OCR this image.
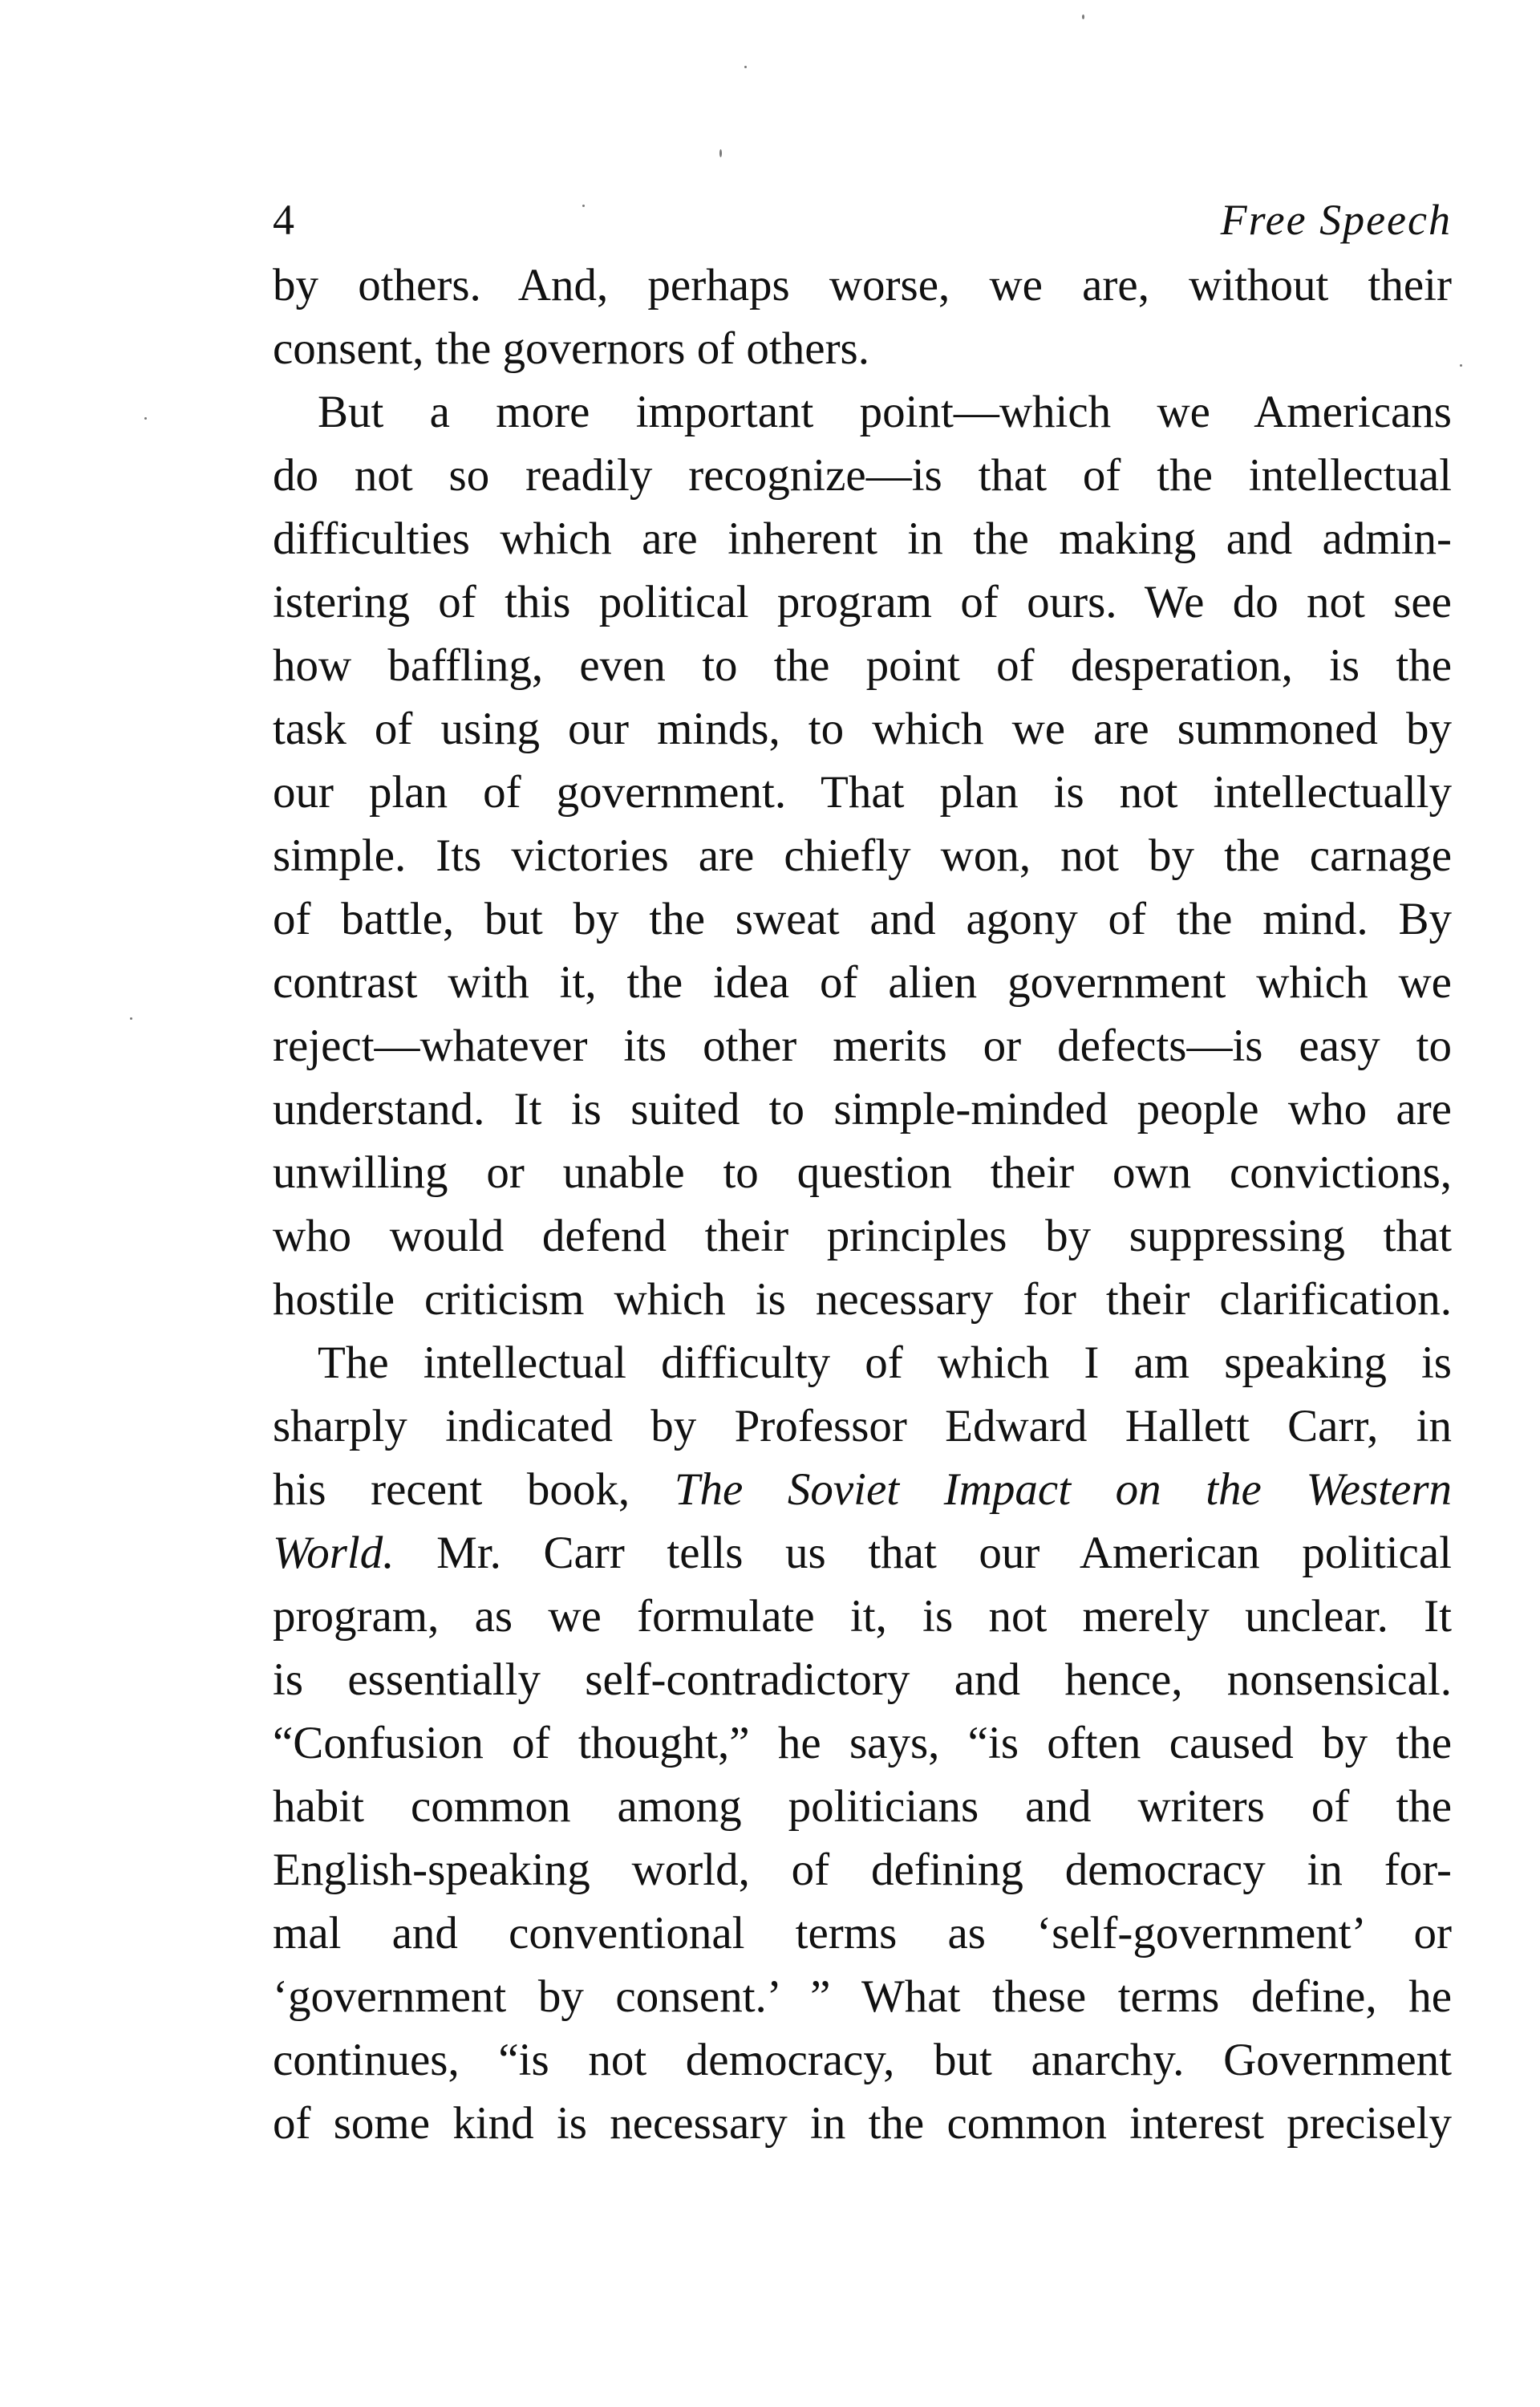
4	Free Speech
by others. And, perhaps worse, we are, without their
consent, the governors of others.
But a more important point—which we Americans
do not so readily recognize—is that of the intellectual
difficulties which are inherent in the making and admin-
istering of this political program of ours. We do not see
how baffling, even to the point of desperation, is the
task of using our minds, to which we are summoned by
our plan of government. That plan is not intellectually
simple. Its victories are chiefly won, not by the carnage
of battle, but by the sweat and agony of the mind. By
contrast with it, the idea of alien government which we
reject—whatever its other merits or defects—is easy to
understand. It is suited to simple-minded people who are
unwilling or unable to question their own convictions,
who would defend their principles by suppressing that
hostile criticism which is necessary for their clarification.
The intellectual difficulty of which I am speaking is
sharply indicated by Professor Edward Hallett Carr, in
his recent book, The Soviet Impact on the Western
World. Mr. Carr tells us that our American political
program, as we formulate it, is not merely unclear. It
is essentially self-contradictory and hence, nonsensical.
“Confusion of thought,” he says, “is often caused by the
habit common among politicians and writers of the
English-speaking world, of defining democracy in for-
mal and conventional terms as ‘self-government’ or
‘government by consent.’ ” What these terms define, he
continues, “is not democracy, but anarchy. Government
of some kind is necessary in the common interest precisely
